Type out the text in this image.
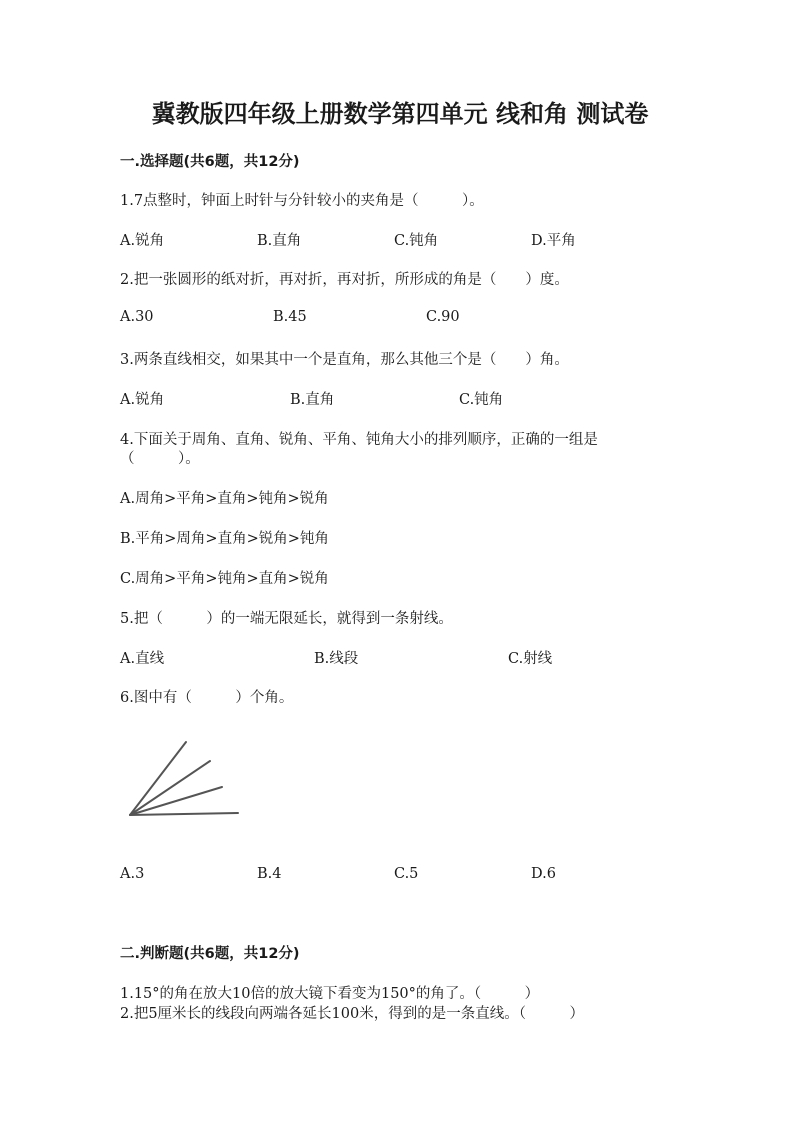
冀教版四年级上册数学第四单元 线和角 测试卷
一.选择题(共6题，共12分)
1.7点整时，钟面上时针与分针较小的夹角是（　　　）。
A.锐角	B.直角	C.钝角	D.平角
2.把一张圆形的纸对折，再对折，再对折，所形成的角是（　　）度。
A.30	B.45	C.90
3.两条直线相交，如果其中一个是直角，那么其他三个是（　　）角。
A.锐角	B.直角	C.钝角
4.下面关于周角、直角、锐角、平角、钝角大小的排列顺序，正确的一组是
（　　　）。
A.周角>平角>直角>钝角>锐角
B.平角>周角>直角>锐角>钝角
C.周角>平角>钝角>直角>锐角
5.把（　　　）的一端无限延长，就得到一条射线。
A.直线	B.线段	C.射线
6.图中有（　　　）个角。
A.3	B.4	C.5	D.6
二.判断题(共6题，共12分)
1.15°的角在放大10倍的放大镜下看变为150°的角了。（　　　）
2.把5厘米长的线段向两端各延长100米，得到的是一条直线。（　　　）
